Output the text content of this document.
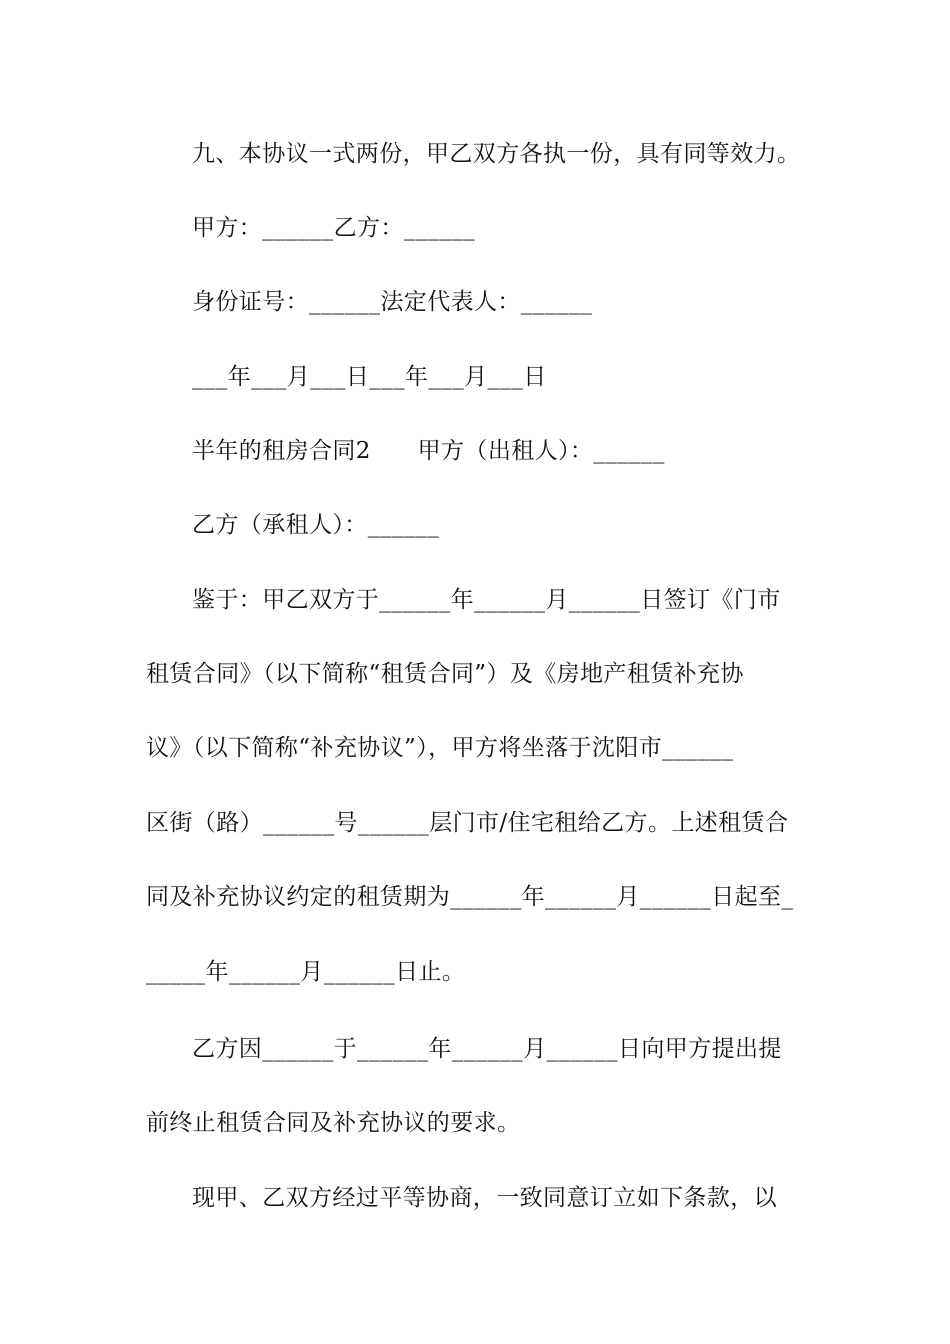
九、本协议一式两份，甲乙双方各执一份，具有同等效力。
甲方：______乙方：______
身份证号：______法定代表人：______
___年___月___日___年___月___日
半年的租房合同2　　甲方（出租人）：______
乙方（承租人）：______
鉴于：甲乙双方于______年______月______日签订《门市
租赁合同》（以下简称“租赁合同”）及《房地产租赁补充协
议》（以下简称“补充协议”），甲方将坐落于沈阳市______
区街（路）______号______层门市/住宅租给乙方。上述租赁合
同及补充协议约定的租赁期为______年______月______日起至_
_____年______月______日止。
乙方因______于______年______月______日向甲方提出提
前终止租赁合同及补充协议的要求。
现甲、乙双方经过平等协商，一致同意订立如下条款，以
